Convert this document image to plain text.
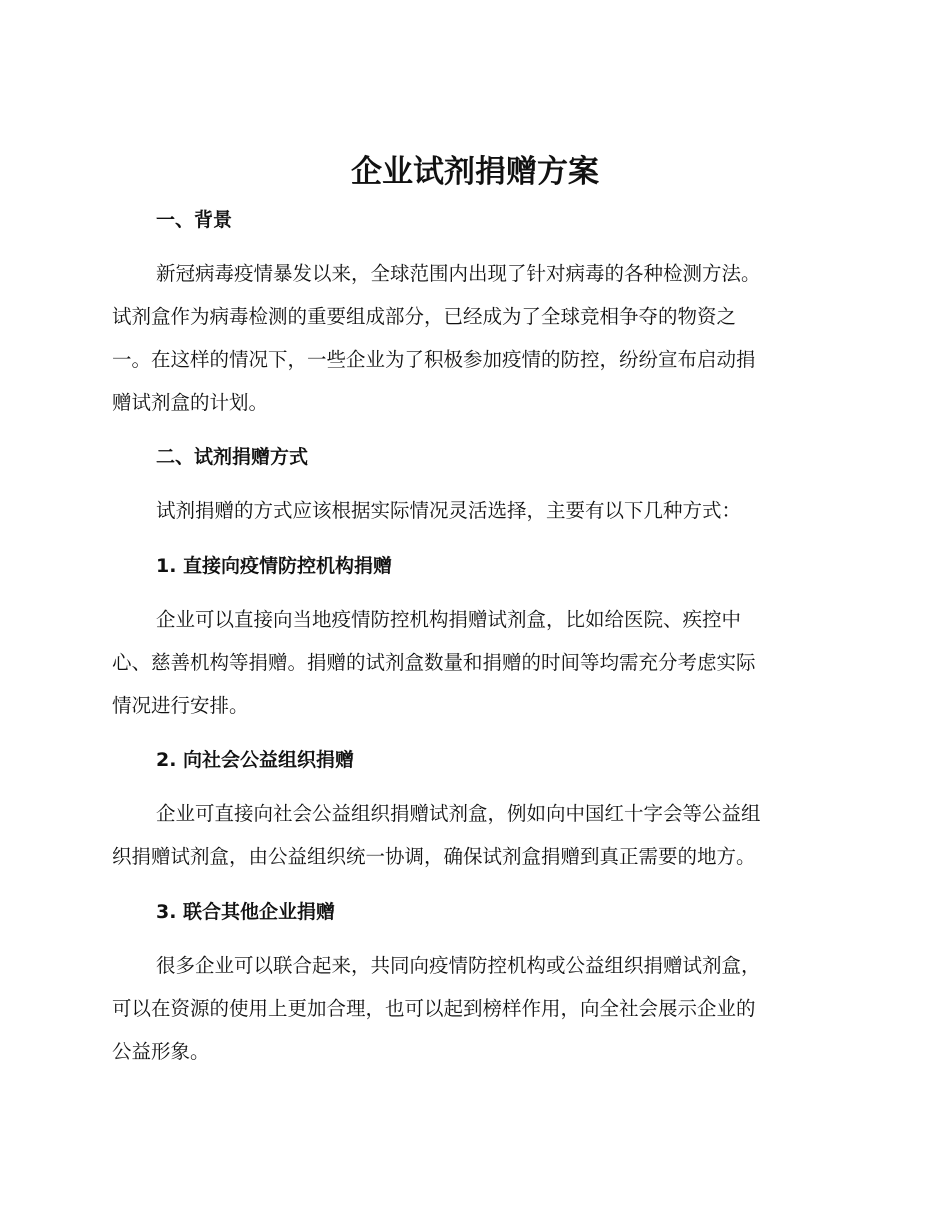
企业试剂捐赠方案
一、背景
新冠病毒疫情暴发以来，全球范围内出现了针对病毒的各种检测方法。
试剂盒作为病毒检测的重要组成部分，已经成为了全球竞相争夺的物资之
一。在这样的情况下，一些企业为了积极参加疫情的防控，纷纷宣布启动捐
赠试剂盒的计划。
二、试剂捐赠方式
试剂捐赠的方式应该根据实际情况灵活选择，主要有以下几种方式：
1. 直接向疫情防控机构捐赠
企业可以直接向当地疫情防控机构捐赠试剂盒，比如给医院、疾控中
心、慈善机构等捐赠。捐赠的试剂盒数量和捐赠的时间等均需充分考虑实际
情况进行安排。
2. 向社会公益组织捐赠
企业可直接向社会公益组织捐赠试剂盒，例如向中国红十字会等公益组
织捐赠试剂盒，由公益组织统一协调，确保试剂盒捐赠到真正需要的地方。
3. 联合其他企业捐赠
很多企业可以联合起来，共同向疫情防控机构或公益组织捐赠试剂盒，
可以在资源的使用上更加合理，也可以起到榜样作用，向全社会展示企业的
公益形象。
